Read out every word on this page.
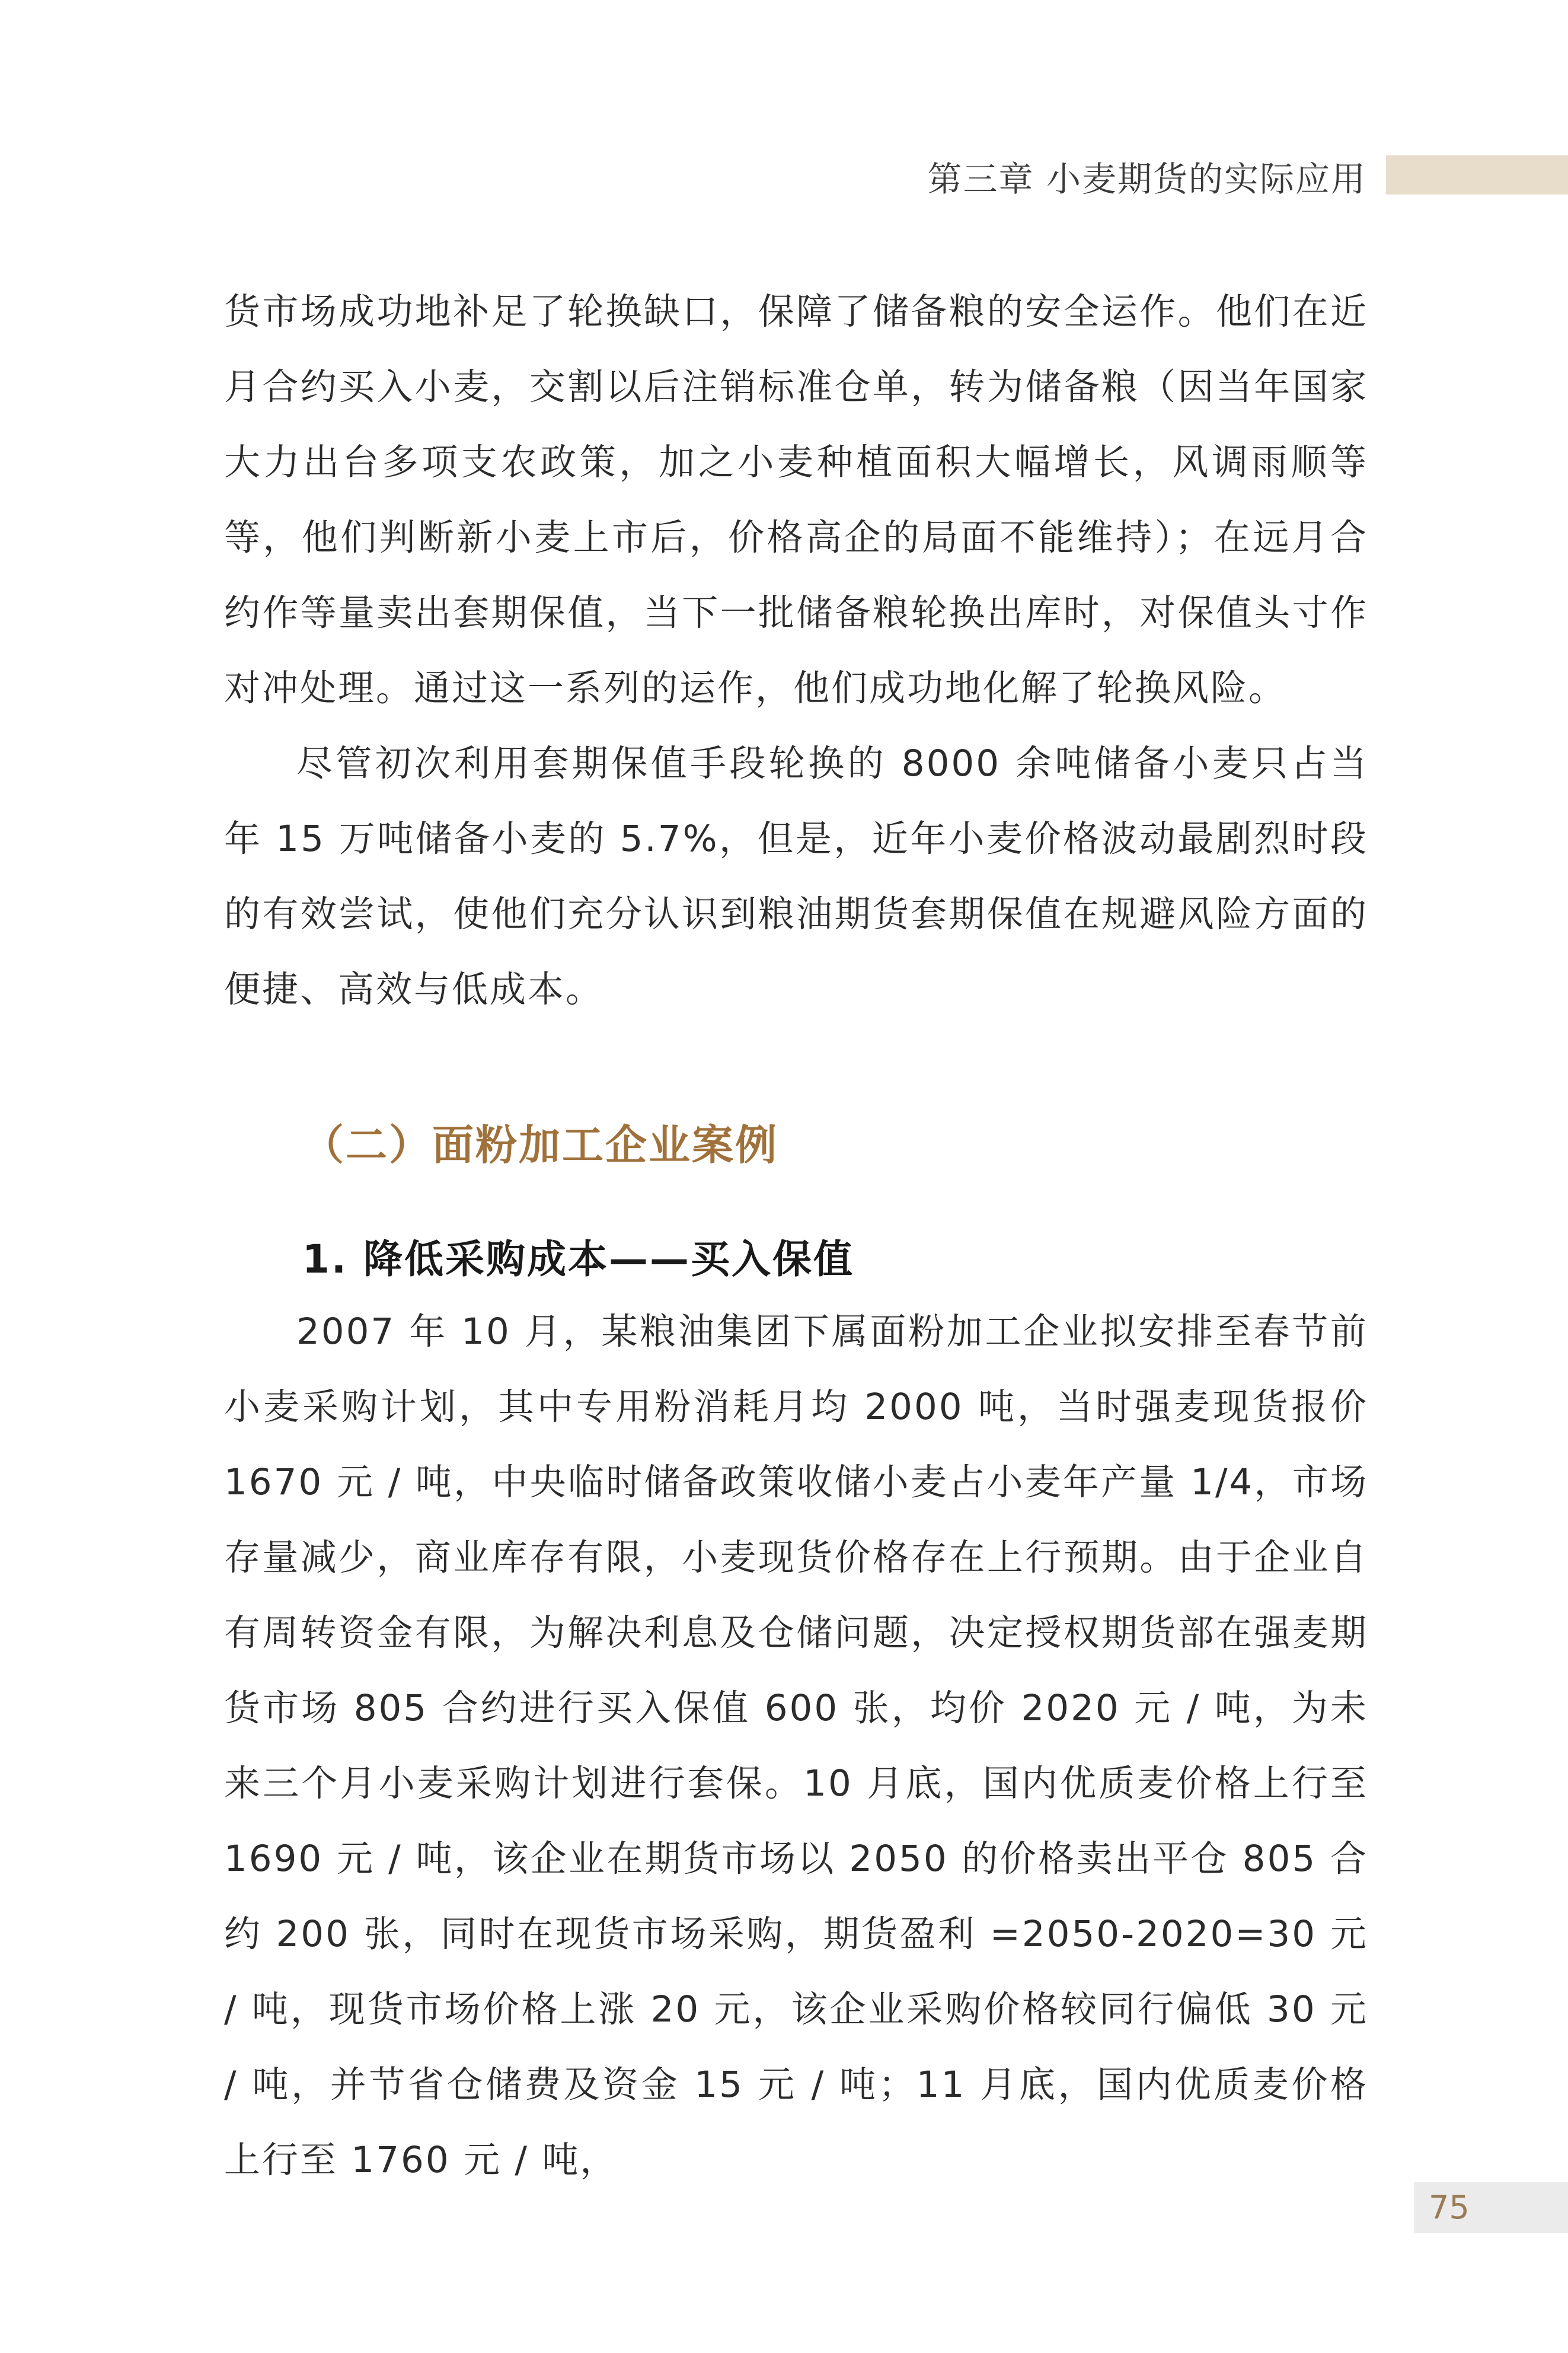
第三章 小麦期货的实际应用

货市场成功地补足了轮换缺口，保障了储备粮的安全运作。他们在近月合约买入小麦，交割以后注销标准仓单，转为储备粮（因当年国家大力出台多项支农政策，加之小麦种植面积大幅增长，风调雨顺等等，他们判断新小麦上市后，价格高企的局面不能维持）；在远月合约作等量卖出套期保值，当下一批储备粮轮换出库时，对保值头寸作对冲处理。通过这一系列的运作，他们成功地化解了轮换风险。

尽管初次利用套期保值手段轮换的 8000 余吨储备小麦只占当年 15 万吨储备小麦的 5.7%，但是，近年小麦价格波动最剧烈时段的有效尝试，使他们充分认识到粮油期货套期保值在规避风险方面的便捷、高效与低成本。

（二）面粉加工企业案例
1. 降低采购成本——买入保值

2007 年 10 月，某粮油集团下属面粉加工企业拟安排至春节前小麦采购计划，其中专用粉消耗月均 2000 吨，当时强麦现货报价 1670 元 / 吨，中央临时储备政策收储小麦占小麦年产量 1/4，市场存量减少，商业库存有限，小麦现货价格存在上行预期。由于企业自有周转资金有限，为解决利息及仓储问题，决定授权期货部在强麦期货市场 805 合约进行买入保值 600 张，均价 2020 元 / 吨，为未来三个月小麦采购计划进行套保。10 月底，国内优质麦价格上行至 1690 元 / 吨，该企业在期货市场以 2050 的价格卖出平仓 805 合约 200 张，同时在现货市场采购，期货盈利 =2050-2020=30 元 / 吨，现货市场价格上涨 20 元，该企业采购价格较同行偏低 30 元 / 吨，并节省仓储费及资金 15 元 / 吨；11 月底，国内优质麦价格上行至 1760 元 / 吨，

75
